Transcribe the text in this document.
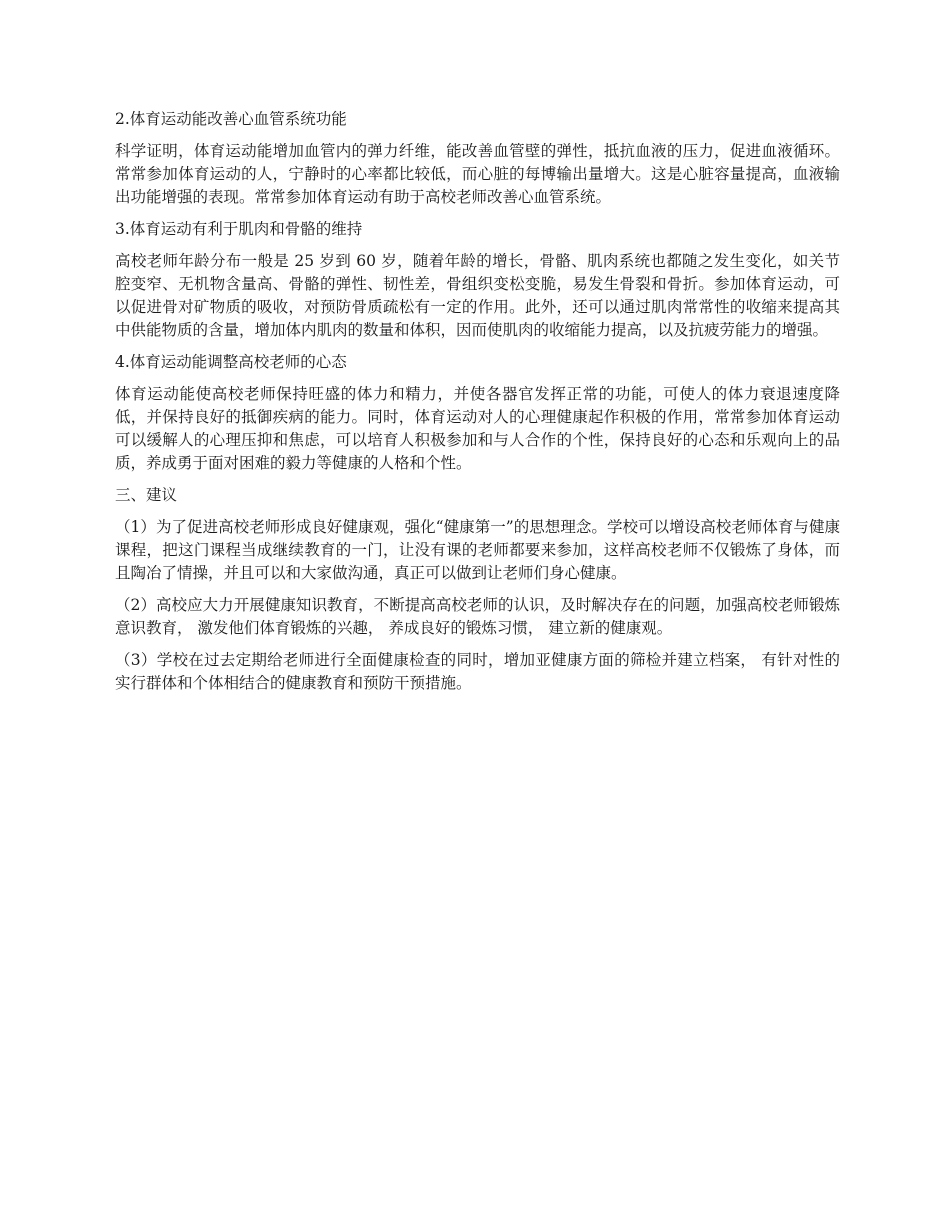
2.体育运动能改善心血管系统功能

科学证明，体育运动能增加血管内的弹力纤维，能改善血管壁的弹性，抵抗血液的压力，促进血液循环。常常参加体育运动的人，宁静时的心率都比较低，而心脏的每博输出量增大。这是心脏容量提高，血液输出功能增强的表现。常常参加体育运动有助于高校老师改善心血管系统。

3.体育运动有利于肌肉和骨骼的维持

高校老师年龄分布一般是 25 岁到 60 岁，随着年龄的增长，骨骼、肌肉系统也都随之发生变化，如关节腔变窄、无机物含量高、骨骼的弹性、韧性差，骨组织变松变脆，易发生骨裂和骨折。参加体育运动，可以促进骨对矿物质的吸收，对预防骨质疏松有一定的作用。此外，还可以通过肌肉常常性的收缩来提高其中供能物质的含量，增加体内肌肉的数量和体积，因而使肌肉的收缩能力提高，以及抗疲劳能力的增强。

4.体育运动能调整高校老师的心态

体育运动能使高校老师保持旺盛的体力和精力，并使各器官发挥正常的功能，可使人的体力衰退速度降低，并保持良好的抵御疾病的能力。同时，体育运动对人的心理健康起作积极的作用，常常参加体育运动可以缓解人的心理压抑和焦虑，可以培育人积极参加和与人合作的个性，保持良好的心态和乐观向上的品质，养成勇于面对困难的毅力等健康的人格和个性。

三、建议

（1）为了促进高校老师形成良好健康观，强化“健康第一”的思想理念。学校可以增设高校老师体育与健康课程，把这门课程当成继续教育的一门，让没有课的老师都要来参加，这样高校老师不仅锻炼了身体，而且陶冶了情操，并且可以和大家做沟通，真正可以做到让老师们身心健康。

（2）高校应大力开展健康知识教育，不断提高高校老师的认识，及时解决存在的问题，加强高校老师锻炼意识教育， 激发他们体育锻炼的兴趣， 养成良好的锻炼习惯， 建立新的健康观。

（3）学校在过去定期给老师进行全面健康检查的同时，增加亚健康方面的筛检并建立档案， 有针对性的实行群体和个体相结合的健康教育和预防干预措施。
